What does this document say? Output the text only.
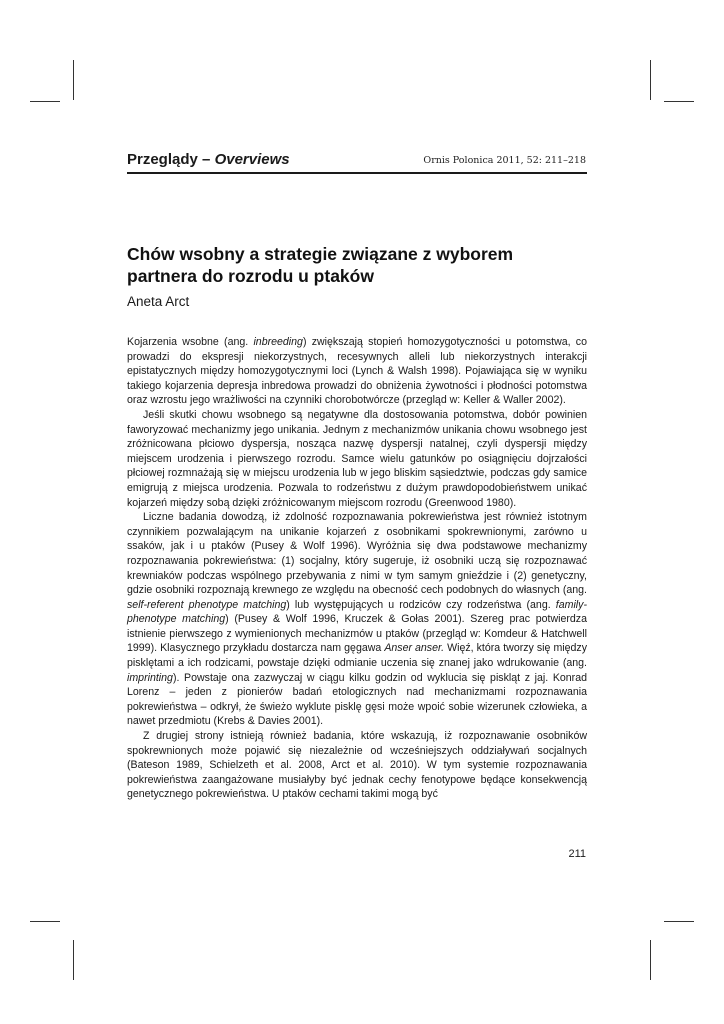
Przeglądy – Overviews	Ornis Polonica 2011, 52: 211–218
Chów wsobny a strategie związane z wyborem
partnera do rozrodu u ptaków
Aneta Arct

Kojarzenia wsobne (ang. inbreeding) zwiększają stopień homozygotyczności u potomstwa, co prowadzi do ekspresji niekorzystnych, recesywnych alleli lub niekorzystnych interakcji epistatycznych między homozygotycznymi loci (Lynch & Walsh 1998). Pojawiająca się w wyniku takiego kojarzenia depresja inbredowa prowadzi do obniżenia żywotności i płodności potomstwa oraz wzrostu jego wrażliwości na czynniki chorobotwórcze (przegląd w: Keller & Waller 2002).

Jeśli skutki chowu wsobnego są negatywne dla dostosowania potomstwa, dobór powinien faworyzować mechanizmy jego unikania. Jednym z mechanizmów unikania chowu wsobnego jest zróżnicowana płciowo dyspersja, nosząca nazwę dyspersji natalnej, czyli dyspersji między miejscem urodzenia i pierwszego rozrodu. Samce wielu gatunków po osiągnięciu dojrzałości płciowej rozmnażają się w miejscu urodzenia lub w jego bliskim sąsiedztwie, podczas gdy samice emigrują z miejsca urodzenia. Pozwala to rodzeństwu z dużym prawdopodobieństwem unikać kojarzeń między sobą dzięki zróżnicowanym miejscom rozrodu (Greenwood 1980).

Liczne badania dowodzą, iż zdolność rozpoznawania pokrewieństwa jest również istotnym czynnikiem pozwalającym na unikanie kojarzeń z osobnikami spokrewnionymi, zarówno u ssaków, jak i u ptaków (Pusey & Wolf 1996). Wyróżnia się dwa podstawowe mechanizmy rozpoznawania pokrewieństwa: (1) socjalny, który sugeruje, iż osobniki uczą się rozpoznawać krewniaków podczas wspólnego przebywania z nimi w tym samym gnieździe i (2) genetyczny, gdzie osobniki rozpoznają krewnego ze względu na obecność cech podobnych do własnych (ang. self-referent phenotype matching) lub występujących u rodziców czy rodzeństwa (ang. family-phenotype matching) (Pusey & Wolf 1996, Kruczek & Gołas 2001). Szereg prac potwierdza istnienie pierwszego z wymienionych mechanizmów u ptaków (przegląd w: Komdeur & Hatchwell 1999). Klasycznego przykładu dostarcza nam gęgawa Anser anser. Więź, która tworzy się między pisklętami a ich rodzicami, powstaje dzięki odmianie uczenia się znanej jako wdrukowanie (ang. imprinting). Powstaje ona zazwyczaj w ciągu kilku godzin od wyklucia się piskląt z jaj. Konrad Lorenz – jeden z pionierów badań etologicznych nad mechanizmami rozpoznawania pokrewieństwa – odkrył, że świeżo wyklute pisklę gęsi może wpoić sobie wizerunek człowieka, a nawet przedmiotu (Krebs & Davies 2001).

Z drugiej strony istnieją również badania, które wskazują, iż rozpoznawanie osobników spokrewnionych może pojawić się niezależnie od wcześniejszych oddziaływań socjalnych (Bateson 1989, Schielzeth et al. 2008, Arct et al. 2010). W tym systemie rozpoznawania pokrewieństwa zaangażowane musiałyby być jednak cechy fenotypowe będące konsekwencją genetycznego pokrewieństwa. U ptaków cechami takimi mogą być

211
